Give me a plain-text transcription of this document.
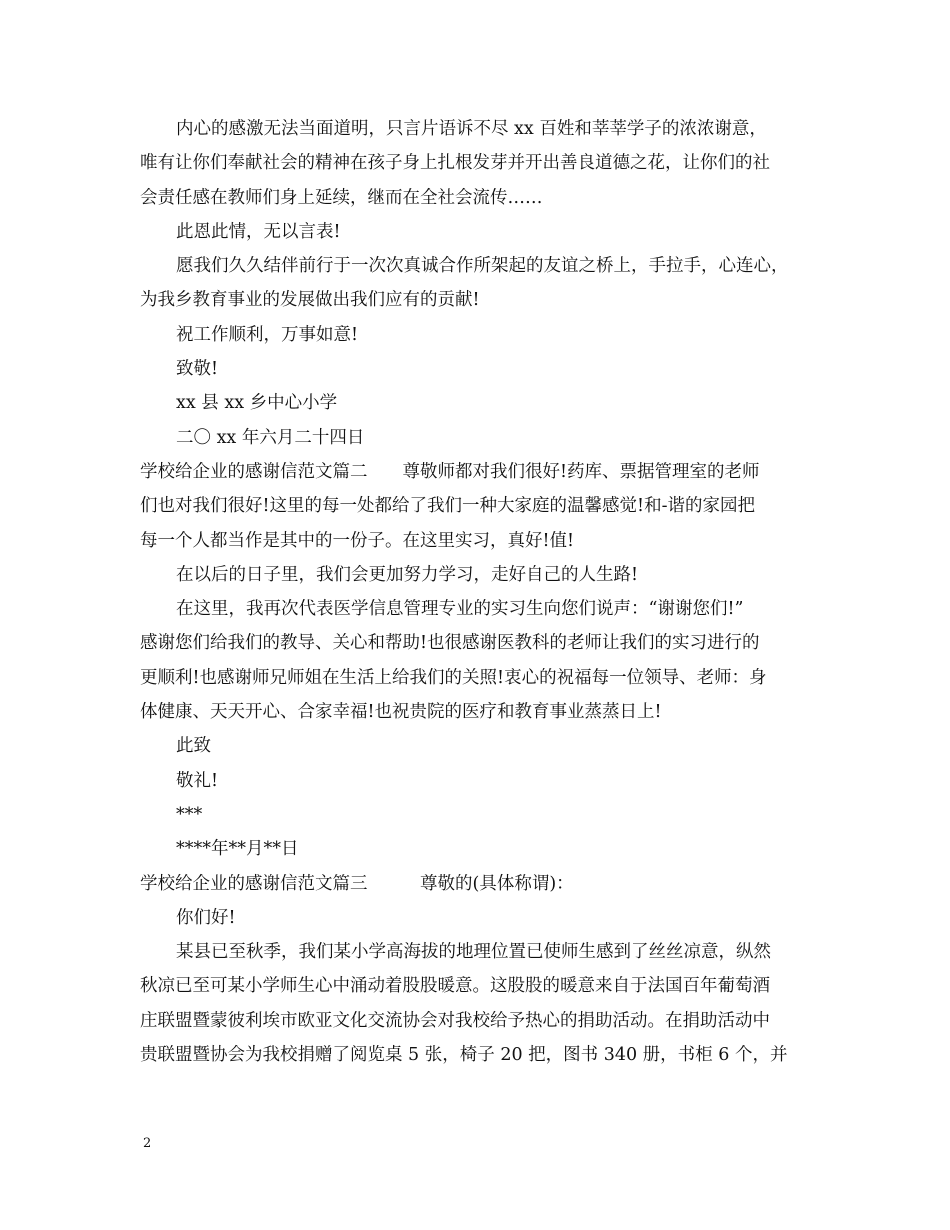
内心的感激无法当面道明，只言片语诉不尽 xx 百姓和莘莘学子的浓浓谢意，
唯有让你们奉献社会的精神在孩子身上扎根发芽并开出善良道德之花，让你们的社
会责任感在教师们身上延续，继而在全社会流传……
此恩此情，无以言表!
愿我们久久结伴前行于一次次真诚合作所架起的友谊之桥上，手拉手，心连心，
为我乡教育事业的发展做出我们应有的贡献!
祝工作顺利，万事如意!
致敬!
xx 县 xx 乡中心小学
二〇 xx 年六月二十四日
学校给企业的感谢信范文篇二　　尊敬师都对我们很好!药库、票据管理室的老师
们也对我们很好!这里的每一处都给了我们一种大家庭的温馨感觉!和-谐的家园把
每一个人都当作是其中的一份子。在这里实习，真好!值!
在以后的日子里，我们会更加努力学习，走好自己的人生路!
在这里，我再次代表医学信息管理专业的实习生向您们说声：“谢谢您们!”
感谢您们给我们的教导、关心和帮助!也很感谢医教科的老师让我们的实习进行的
更顺利!也感谢师兄师姐在生活上给我们的关照!衷心的祝福每一位领导、老师：身
体健康、天天开心、合家幸福!也祝贵院的医疗和教育事业蒸蒸日上!
此致
敬礼!
***
****年**月**日
学校给企业的感谢信范文篇三　　　尊敬的(具体称谓)：
你们好!
某县已至秋季，我们某小学高海拔的地理位置已使师生感到了丝丝凉意，纵然
秋凉已至可某小学师生心中涌动着股股暖意。这股股的暖意来自于法国百年葡萄酒
庄联盟暨蒙彼利埃市欧亚文化交流协会对我校给予热心的捐助活动。在捐助活动中
贵联盟暨协会为我校捐赠了阅览桌 5 张，椅子 20 把，图书 340 册，书柜 6 个，并
2
